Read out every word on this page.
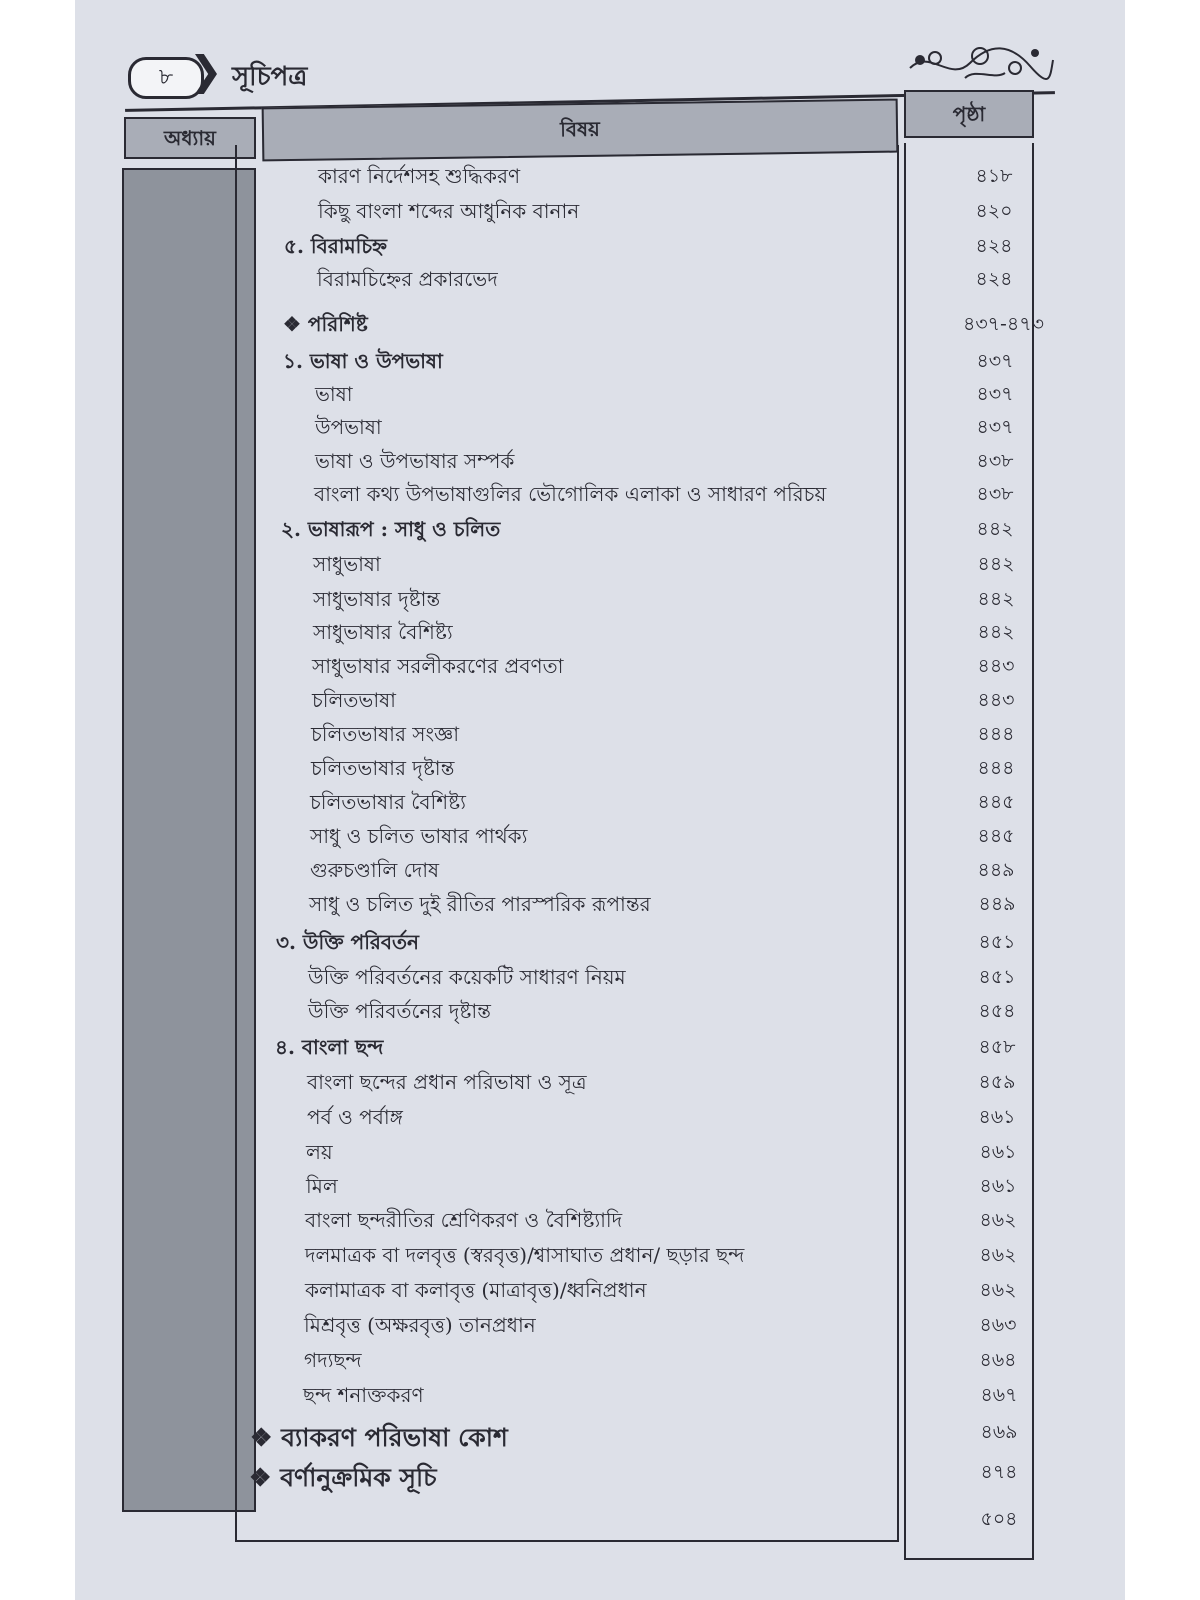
৮	সূচিপত্র
অধ্যায়	বিষয়
পৃষ্ঠা
কারণ নির্দেশসহ শুদ্ধিকরণ	৪১৮
কিছু বাংলা শব্দের আধুনিক বানান	৪২০
৫. বিরামচিহ্ন	৪২৪
বিরামচিহ্নের প্রকারভেদ	৪২৪
❖ পরিশিষ্ট	৪৩৭-৪৭৩
১. ভাষা ও উপভাষা	৪৩৭
ভাষা	৪৩৭
উপভাষা	৪৩৭
ভাষা ও উপভাষার সম্পর্ক	৪৩৮
বাংলা কথ্য উপভাষাগুলির ভৌগোলিক এলাকা ও সাধারণ পরিচয়	৪৩৮
২. ভাষারূপ : সাধু ও চলিত	৪৪২
সাধুভাষা	৪৪২
সাধুভাষার দৃষ্টান্ত	৪৪২
সাধুভাষার বৈশিষ্ট্য	৪৪২
সাধুভাষার সরলীকরণের প্রবণতা	৪৪৩
চলিতভাষা	৪৪৩
চলিতভাষার সংজ্ঞা	৪৪৪
চলিতভাষার দৃষ্টান্ত	৪৪৪
চলিতভাষার বৈশিষ্ট্য	৪৪৫
সাধু ও চলিত ভাষার পার্থক্য	৪৪৫
গুরুচণ্ডালি দোষ	৪৪৯
সাধু ও চলিত দুই রীতির পারস্পরিক রূপান্তর	৪৪৯
৩. উক্তি পরিবর্তন	৪৫১
উক্তি পরিবর্তনের কয়েকটি সাধারণ নিয়ম	৪৫১
উক্তি পরিবর্তনের দৃষ্টান্ত	৪৫৪
৪. বাংলা ছন্দ	৪৫৮
বাংলা ছন্দের প্রধান পরিভাষা ও সূত্র	৪৫৯
পর্ব ও পর্বাঙ্গ	৪৬১
লয়	৪৬১
মিল	৪৬১
বাংলা ছন্দরীতির শ্রেণিকরণ ও বৈশিষ্ট্যাদি	৪৬২
দলমাত্রক বা দলবৃত্ত (স্বরবৃত্ত)/শ্বাসাঘাত প্রধান/ ছড়ার ছন্দ	৪৬২
কলামাত্রক বা কলাবৃত্ত (মাত্রাবৃত্ত)/ধ্বনিপ্রধান	৪৬২
মিশ্রবৃত্ত (অক্ষরবৃত্ত) তানপ্রধান	৪৬৩
গদ্যছন্দ	৪৬৪
ছন্দ শনাক্তকরণ	৪৬৭
❖ ব্যাকরণ পরিভাষা কোশ	৪৬৯
❖ বর্ণানুক্রমিক সূচি	৪৭৪
৫০৪
